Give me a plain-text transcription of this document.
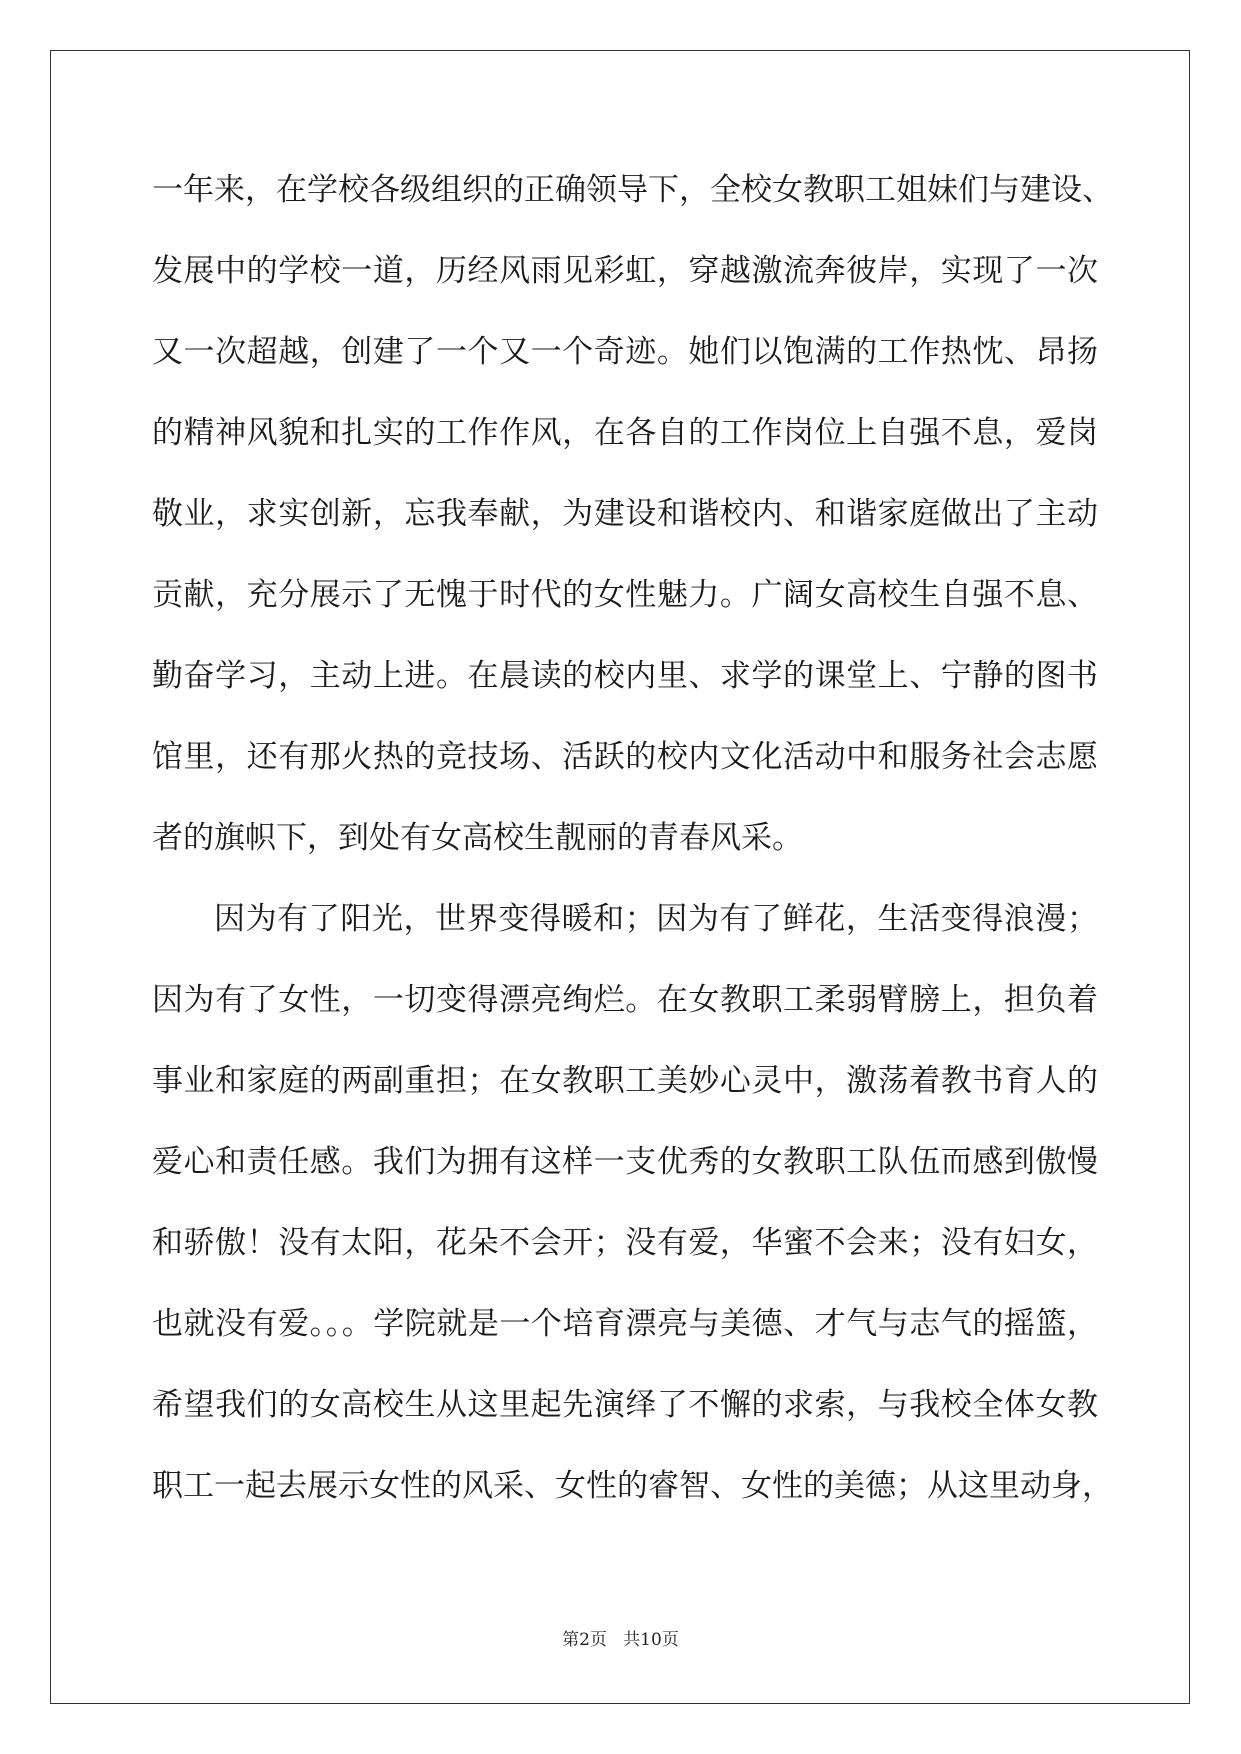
一年来，在学校各级组织的正确领导下，全校女教职工姐妹们与建设、
发展中的学校一道，历经风雨见彩虹，穿越激流奔彼岸，实现了一次
又一次超越，创建了一个又一个奇迹。她们以饱满的工作热忱、昂扬
的精神风貌和扎实的工作作风，在各自的工作岗位上自强不息，爱岗
敬业，求实创新，忘我奉献，为建设和谐校内、和谐家庭做出了主动
贡献，充分展示了无愧于时代的女性魅力。广阔女高校生自强不息、
勤奋学习，主动上进。在晨读的校内里、求学的课堂上、宁静的图书
馆里，还有那火热的竞技场、活跃的校内文化活动中和服务社会志愿
者的旗帜下，到处有女高校生靓丽的青春风采。
因为有了阳光，世界变得暖和；因为有了鲜花，生活变得浪漫；
因为有了女性，一切变得漂亮绚烂。在女教职工柔弱臂膀上，担负着
事业和家庭的两副重担；在女教职工美妙心灵中，激荡着教书育人的
爱心和责任感。我们为拥有这样一支优秀的女教职工队伍而感到傲慢
和骄傲！没有太阳，花朵不会开；没有爱，华蜜不会来；没有妇女，
也就没有爱。。。学院就是一个培育漂亮与美德、才气与志气的摇篮，
希望我们的女高校生从这里起先演绎了不懈的求索，与我校全体女教
职工一起去展示女性的风采、女性的睿智、女性的美德；从这里动身，
第2页   共10页
